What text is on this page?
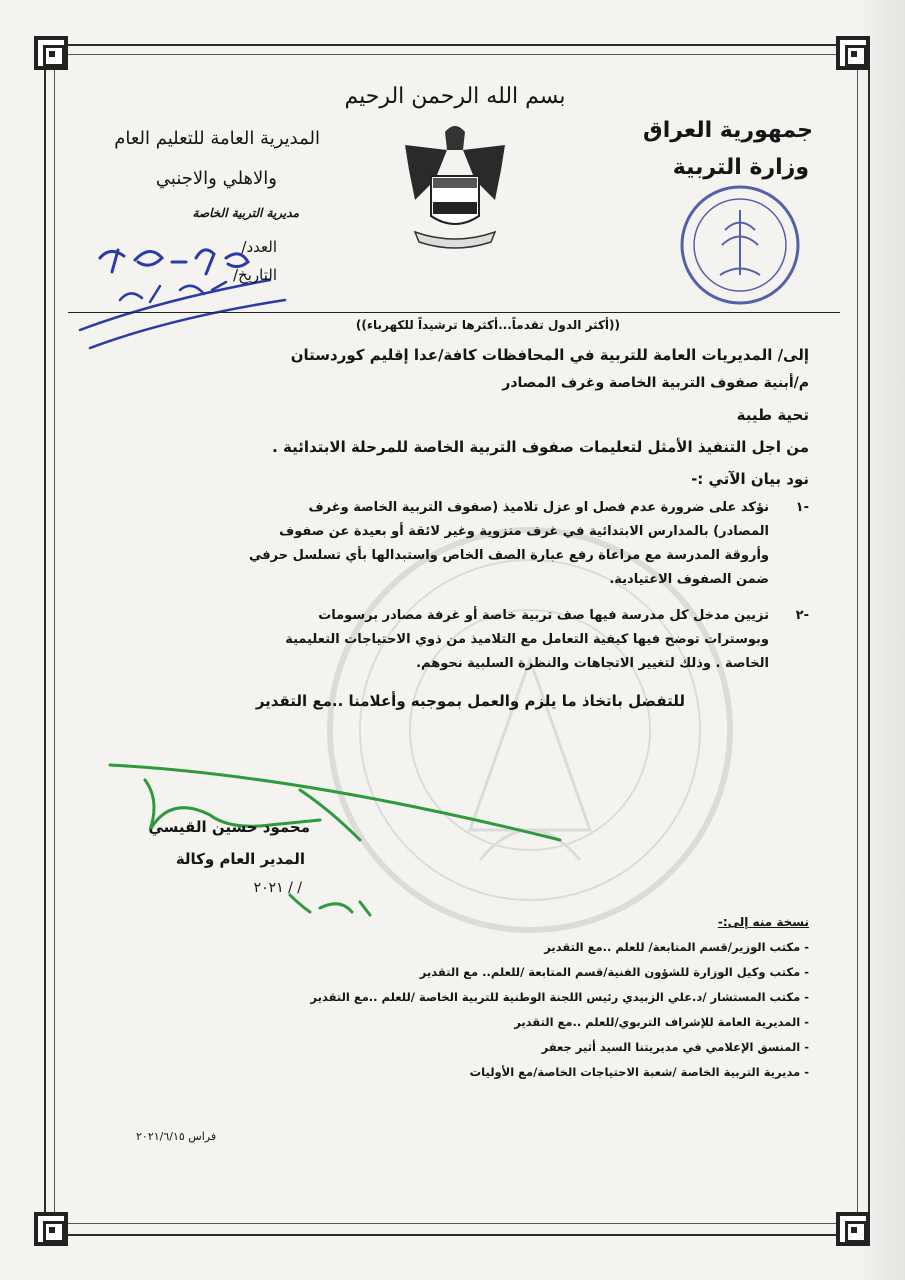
بسم الله الرحمن الرحيم
جمهورية العراق
وزارة التربية
المديرية العامة للتعليم العام
والاهلي والاجنبي
مديرية التربية الخاصة
العدد/
التاريخ/
((أكثر الدول تقدماً...أكثرها ترشيداً للكهرباء))
إلى/ المديريات العامة للتربية في المحافظات كافة/عدا إقليم كوردستان
م/أبنية صفوف التربية الخاصة وغرف المصادر
تحية طيبة
من اجل التنفيذ الأمثل لتعليمات صفوف التربية الخاصة للمرحلة الابتدائية .
نود بيان الآتي :-
-١
نؤكد على ضرورة عدم فصل او عزل تلاميذ (صفوف التربية الخاصة وغرف
المصادر) بالمدارس الابتدائية في غرف منزوية وغير لائقة أو بعيدة عن صفوف
وأروقة المدرسة مع مراعاة رفع عبارة الصف الخاص واستبدالها بأي تسلسل حرفي
ضمن الصفوف الاعتيادية.
-٢
تزيين مدخل كل مدرسة فيها صف تربية خاصة أو غرفة مصادر برسومات
وبوسترات توضح فيها كيفية التعامل مع التلاميذ من ذوي الاحتياجات التعليمية
الخاصة . وذلك لتغيير الاتجاهات والنظرة السلبية نحوهم.
للتفضل باتخاذ ما يلزم والعمل بموجبه وأعلامنا ..مع التقدير
محمود حسين القيسي
المدير العام وكالة
/ / ٢٠٢١
نسخة منه إلى:-
- مكتب الوزير/قسم المتابعة/ للعلم ..مع التقدير
- مكتب وكيل الوزارة للشؤون الفنية/قسم المتابعة /للعلم.. مع التقدير
- مكتب المستشار /د.علي الزبيدي رئيس اللجنة الوطنية للتربية الخاصة /للعلم ..مع التقدير
- المديرية العامة للإشراف التربوي/للعلم ..مع التقدير
- المنسق الإعلامي في مديريتنا السيد أثير جعفر
- مديرية التربية الخاصة /شعبة الاحتياجات الخاصة/مع الأوليات
فراس ٢٠٢١/٦/١٥
